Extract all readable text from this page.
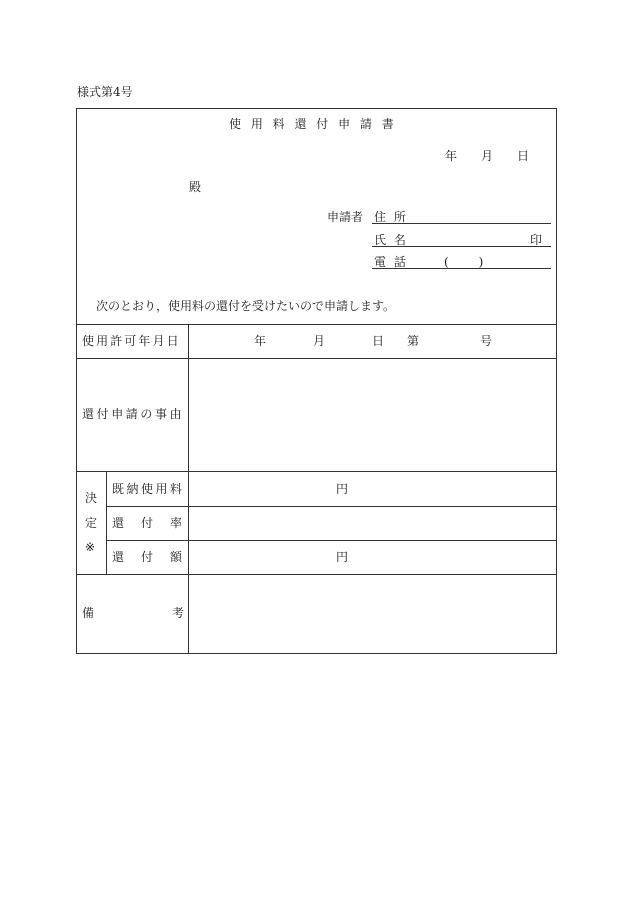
様式第4号
使 用 料 還 付 申 請 書
年 月 日
殿
申請者 住 所
氏 名	印
電 話	(　　)
次のとおり，使用料の還付を受けたいので申請します。
使用許可年月日	年	月	日 第	号
還付申請の事由
決
定
※
既納使用料	円
還　付　率
還　付　額	円
備	考
